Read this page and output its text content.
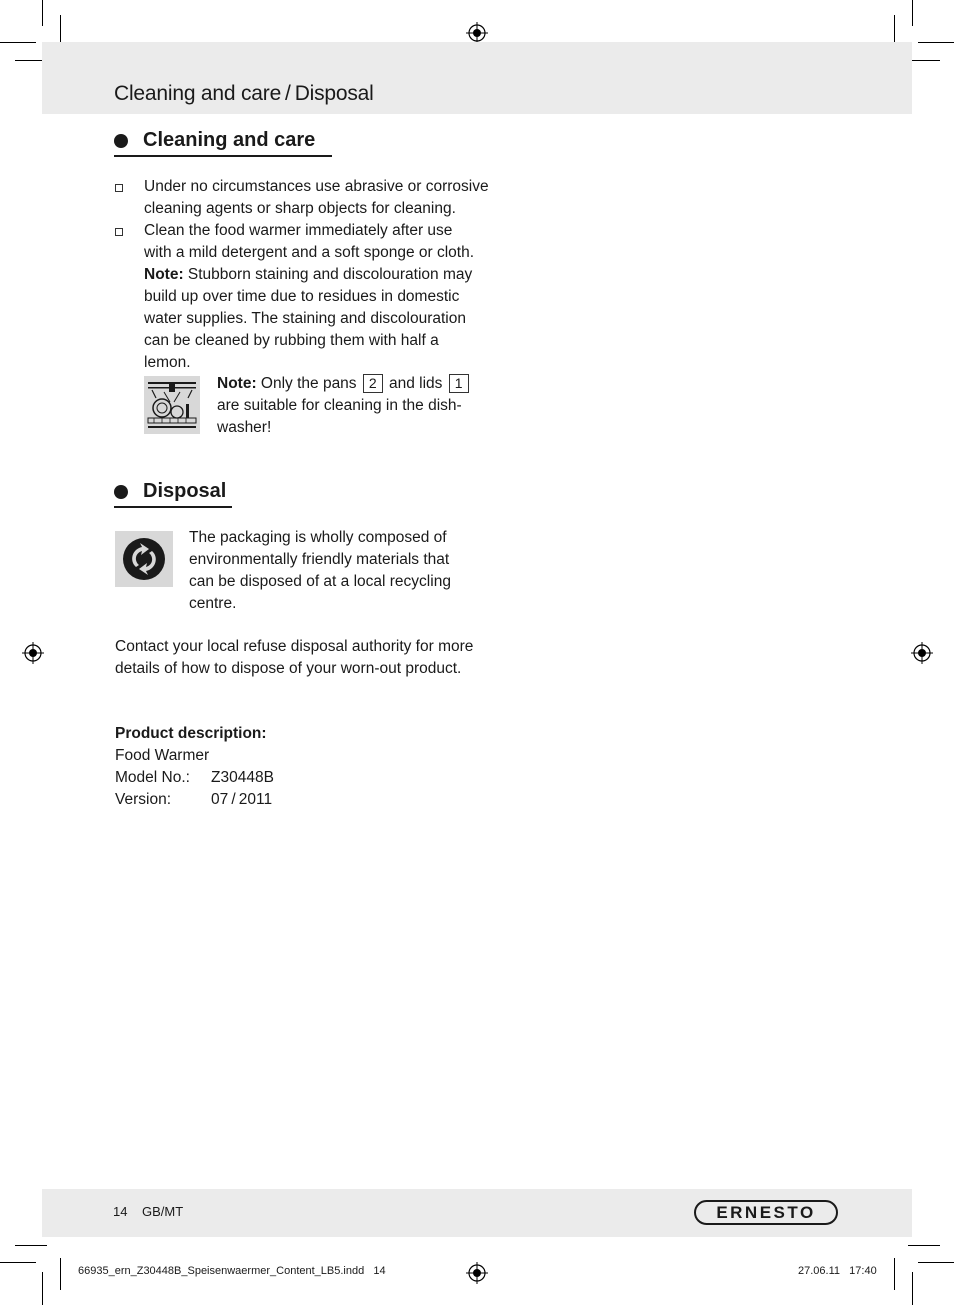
Cleaning and care / Disposal
Cleaning and care
Under no circumstances use abrasive or corrosive
cleaning agents or sharp objects for cleaning.
Clean the food warmer immediately after use
with a mild detergent and a soft sponge or cloth.
Note: Stubborn staining and discolouration may
build up over time due to residues in domestic
water supplies. The staining and discolouration
can be cleaned by rubbing them with half a
lemon.
Note: Only the pans 2 and lids 1
are suitable for cleaning in the dish-
washer!
Disposal
The packaging is wholly composed of
environmentally friendly materials that
can be disposed of at a local recycling
centre.
Contact your local refuse disposal authority for more
details of how to dispose of your worn-out product.
Product description:
Food Warmer
Model No.: Z30448B
Version:	07 / 2011
14 GB/MT	ERNESTO
66935_ern_Z30448B_Speisenwaermer_Content_LB5.indd   14	27.06.11   17:40
